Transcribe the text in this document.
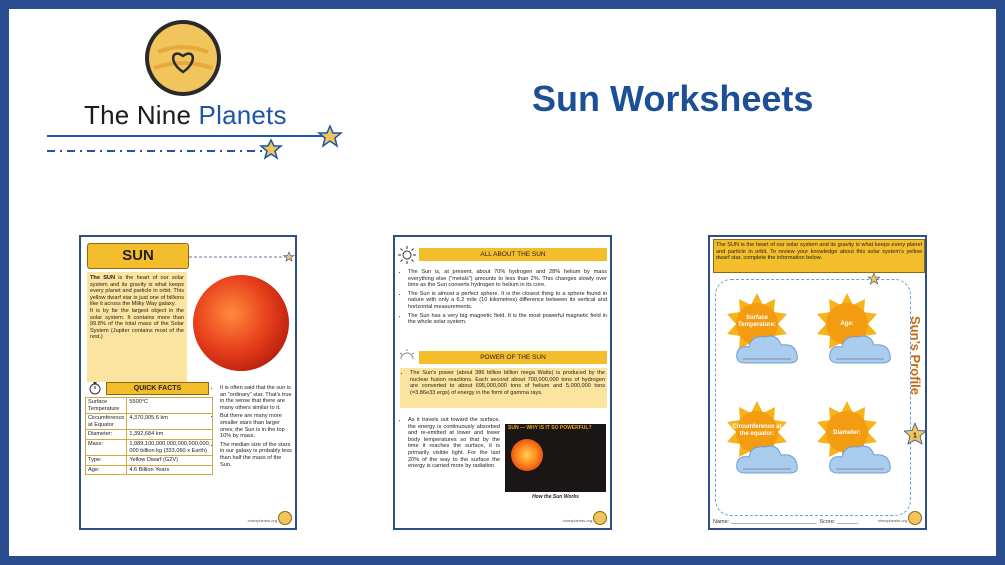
The Nine Planets	Sun Worksheets
SUN
The SUN is the heart of our solar system and its gravity is what keeps every planet and particle in orbit. This yellow dwarf star is just one of billions like it across the Milky Way galaxy.
It is by far the largest object in the solar system. It contains more than 99.8% of the total mass of the Solar System (Jupiter contains most of the rest.)
QUICK FACTS
Surface Temperature	5500°C
Circumference at Equator	4,370,005.6 km
Diameter:	1,392,684 km
Mass:	1,989,100,000,000,000,000,000, 000 billion kg (333,060 x Earth)
Type:	Yellow Dwarf (G2V)
Age:	4.6 Billion Years
• It is often said that the sun is an “ordinary” star. That’s true in the sense that there are many others similar to it.
• But there are many more smaller stars than larger ones; the Sun is in the top 10% by mass.
• The median size of the stars in our galaxy is probably less than half the mass of the Sun.
ninezplanets.org
ALL ABOUT THE SUN
• The Sun is, at present, about 70% hydrogen and 28% helium by mass everything else (“metals”) amounts to less than 2%. This changes slowly over time as the Sun converts hydrogen to helium in its core.
• The Sun is almost a perfect sphere. It is the closest thing to a sphere found in nature with only a 6.2 mile (10 kilometres) difference between its vertical and horizontal measurements.
• The Sun has a very big magnetic field. It is the most powerful magnetic field in the whole solar system.
POWER OF THE SUN
• The Sun’s power (about 386 billion billion mega Watts) is produced by the nuclear fusion reactions. Each second about 700,000,000 tons of hydrogen are converted to about 695,000,000 tons of helium and 5,000,000 tons (=3.86e33 ergs) of energy in the form of gamma rays.
• As it travels out toward the surface, the energy is continuously absorbed and re-emitted at lower and lower body temperatures so that by the time it reaches the surface, it is primarily visible light. For the last 20% of the way to the surface the energy is carried more by radiation.
SUN — WHY IS IT SO POWERFUL?
How the Sun Works
ninezplanets.org
The SUN is the heart of our solar system and its gravity is what keeps every planet and particle in orbit. To review your knowledge about this solar system’s yellow dwarf star, complete the information below.
Surface Temperature:	Age:
Circumference at the equator:	Diameter:
Sun’s Profile
1
Name: ____________________________  Score: _______	ninezplanets.org
